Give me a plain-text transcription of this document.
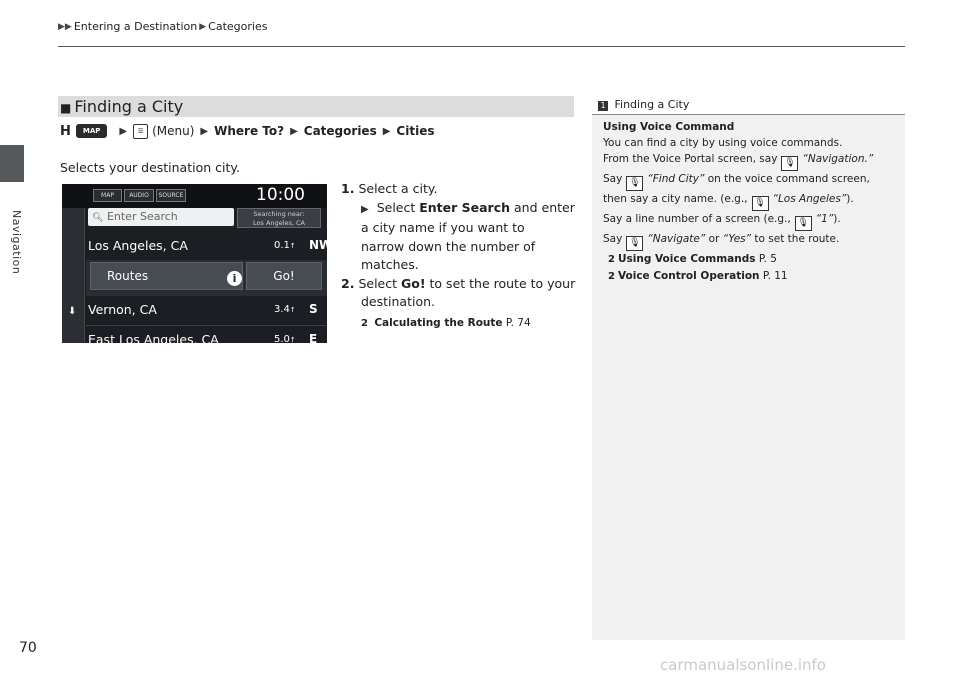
Navigation
▶▶ Entering a Destination ▶ Categories
■ Finding a City
H	MAP	▶	☰ (Menu) ▶ Where To? ▶ Categories ▶ Cities
Selects your destination city.
MAP	AUDIO	SOURCE	10:00
⬇
🔍︎ Enter Search	Searching near:
Los Angeles, CA
Los Angeles, CA	0.1↑ NW
Routes	i	Go!
Vernon, CA	3.4↑ S
East Los Angeles, CA	5.0↑ E
1. Select a city.
▶ Select Enter Search and enter
a city name if you want to
narrow down the number of
matches.
2. Select Go! to set the route to your
destination.
2 Calculating the Route P. 74
1 Finding a City
Using Voice Command
You can find a city by using voice commands.
From the Voice Portal screen, say 🎙︎ “Navigation.”
Say 🎙︎ “Find City” on the voice command screen,
then say a city name. (e.g., 🎙︎ “Los Angeles”).
Say a line number of a screen (e.g., 🎙︎ “1”).
Say 🎙︎ “Navigate” or “Yes” to set the route.
2 Using Voice Commands P. 5
2 Voice Control Operation P. 11
70
carmanualsonline.info
